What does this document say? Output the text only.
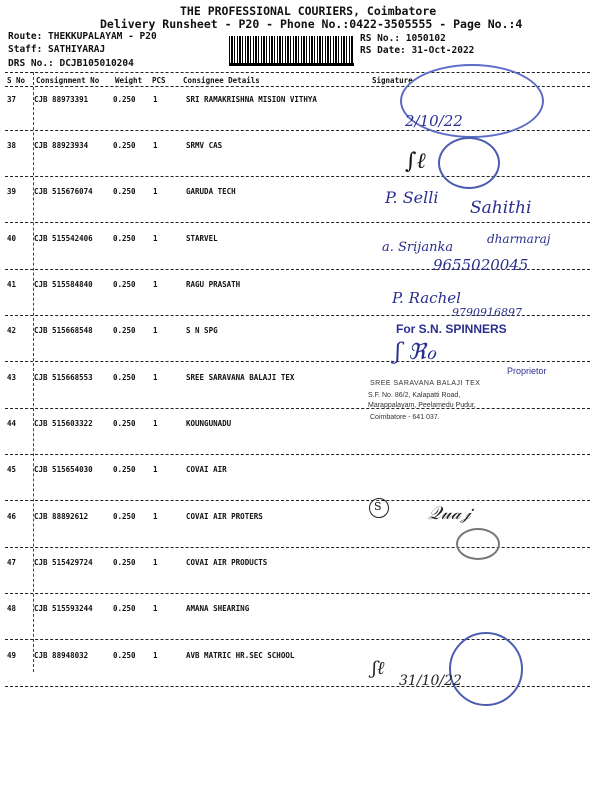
THE PROFESSIONAL COURIERS, Coimbatore
Delivery Runsheet - P20 - Phone No.:0422-3505555 - Page No.:4
Route: THEKKUPALAYAM - P20
Staff: SATHIYARAJ
DRS No.: DCJB105010204
RS No.: 1050102
RS Date: 31-Oct-2022
S No Consignment No Weight PCS Consignee Details	Signature
37 CJB 88973391	0.250 1	SRI RAMAKRISHNA MISION VITHYA
38 CJB 88923934	0.250 1	SRMV CAS
39 CJB 515676074	0.250 1	GARUDA TECH
40 CJB 515542406	0.250 1	STARVEL
41 CJB 515584840	0.250 1	RAGU PRASATH
42 CJB 515668548	0.250 1	S N SPG
43 CJB 515668553	0.250 1	SREE SARAVANA BALAJI TEX
44 CJB 515603322	0.250 1	KOUNGUNADU
45 CJB 515654030	0.250 1	COVAI AIR
46 CJB 88892612	0.250 1	COVAI AIR PROTERS
47 CJB 515429724	0.250 1	COVAI AIR PRODUCTS
48 CJB 515593244	0.250 1	AMANA SHEARING
49 CJB 88948032	0.250 1	AVB MATRIC HR.SEC SCHOOL
2/10/22
∫ℓ
P. Selli
Sahithi
a. Srijanka
dharmaraj
9655020045
P. Rachel
9790916897
For S.N. SPINNERS
ʃ ℜℴ
Proprietor
SREE SARAVANA BALAJI TEX
S.F. No. 86/2, Kalapatti Road,
Marappalayam, Peelamedu Pudur,
Coimbatore - 641 037.
S	𝒬𝓊𝒶𝒿
ʃℓ
31/10/22
